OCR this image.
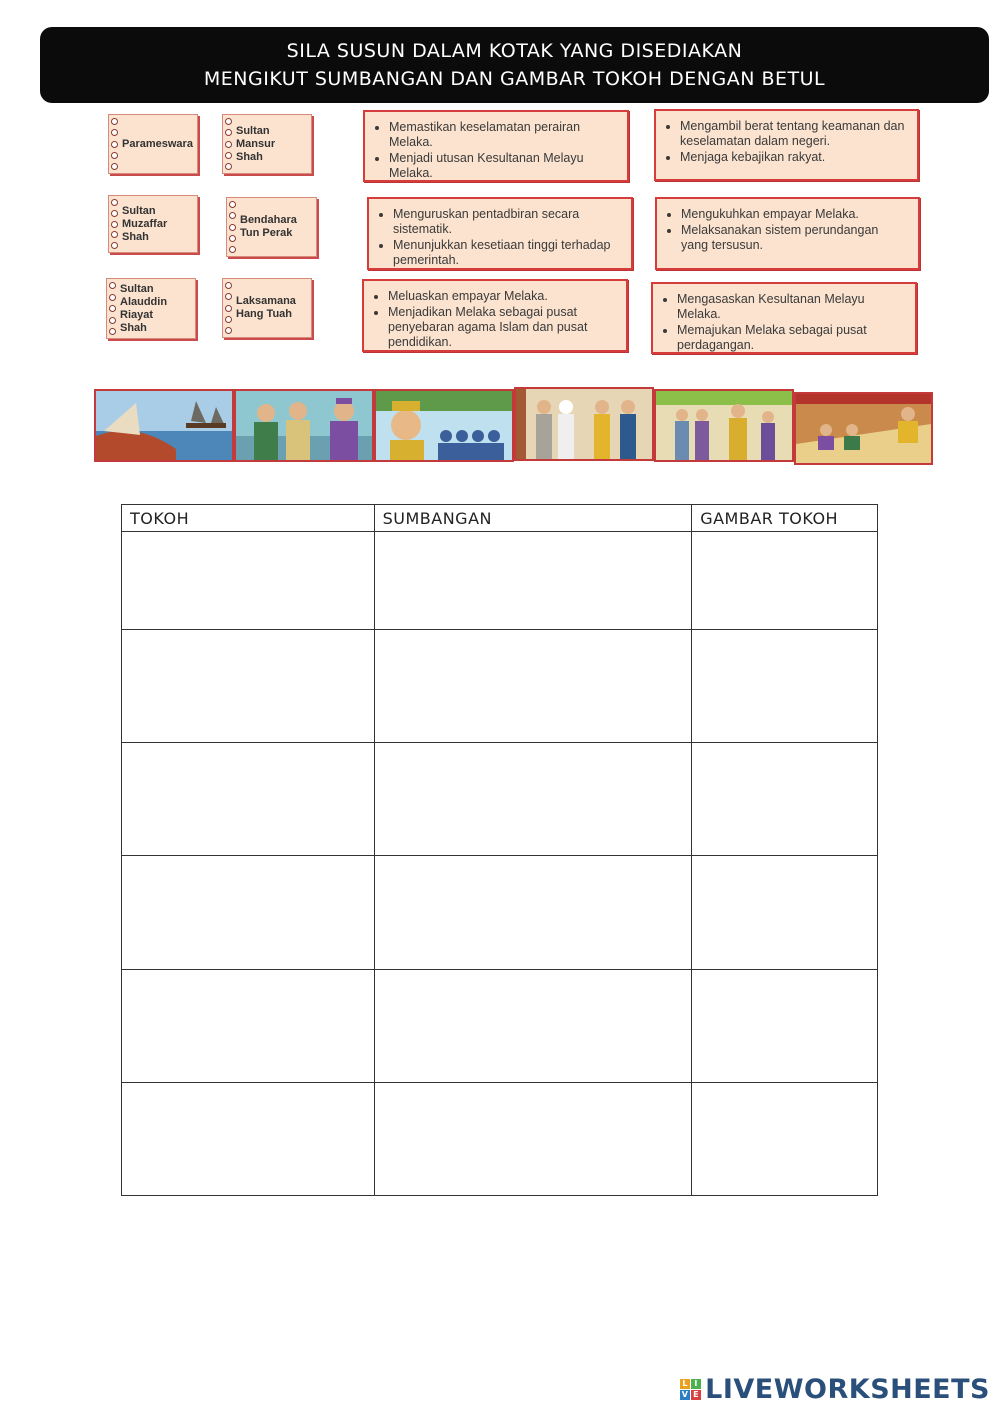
SILA SUSUN DALAM KOTAK YANG DISEDIAKAN
MENGIKUT SUMBANGAN DAN GAMBAR TOKOH DENGAN BETUL
Parameswara
Sultan Mansur Shah
Sultan Muzaffar Shah
Bendahara Tun Perak
Sultan Alauddin Riayat Shah
Laksamana Hang Tuah
• Memastikan keselamatan perairan Melaka.
• Menjadi utusan Kesultanan Melayu Melaka.
• Mengambil berat tentang keamanan dan keselamatan dalam negeri.
• Menjaga kebajikan rakyat.
• Menguruskan pentadbiran secara sistematik.
• Menunjukkan kesetiaan tinggi terhadap pemerintah.
• Mengukuhkan empayar Melaka.
• Melaksanakan sistem perundangan yang tersusun.
• Meluaskan empayar Melaka.
• Menjadikan Melaka sebagai pusat penyebaran agama Islam dan pusat pendidikan.
• Mengasaskan Kesultanan Melayu Melaka.
• Memajukan Melaka sebagai pusat perdagangan.
TOKOH	SUMBANGAN	GAMBAR TOKOH

L I
V E LIVEWORKSHEETS
